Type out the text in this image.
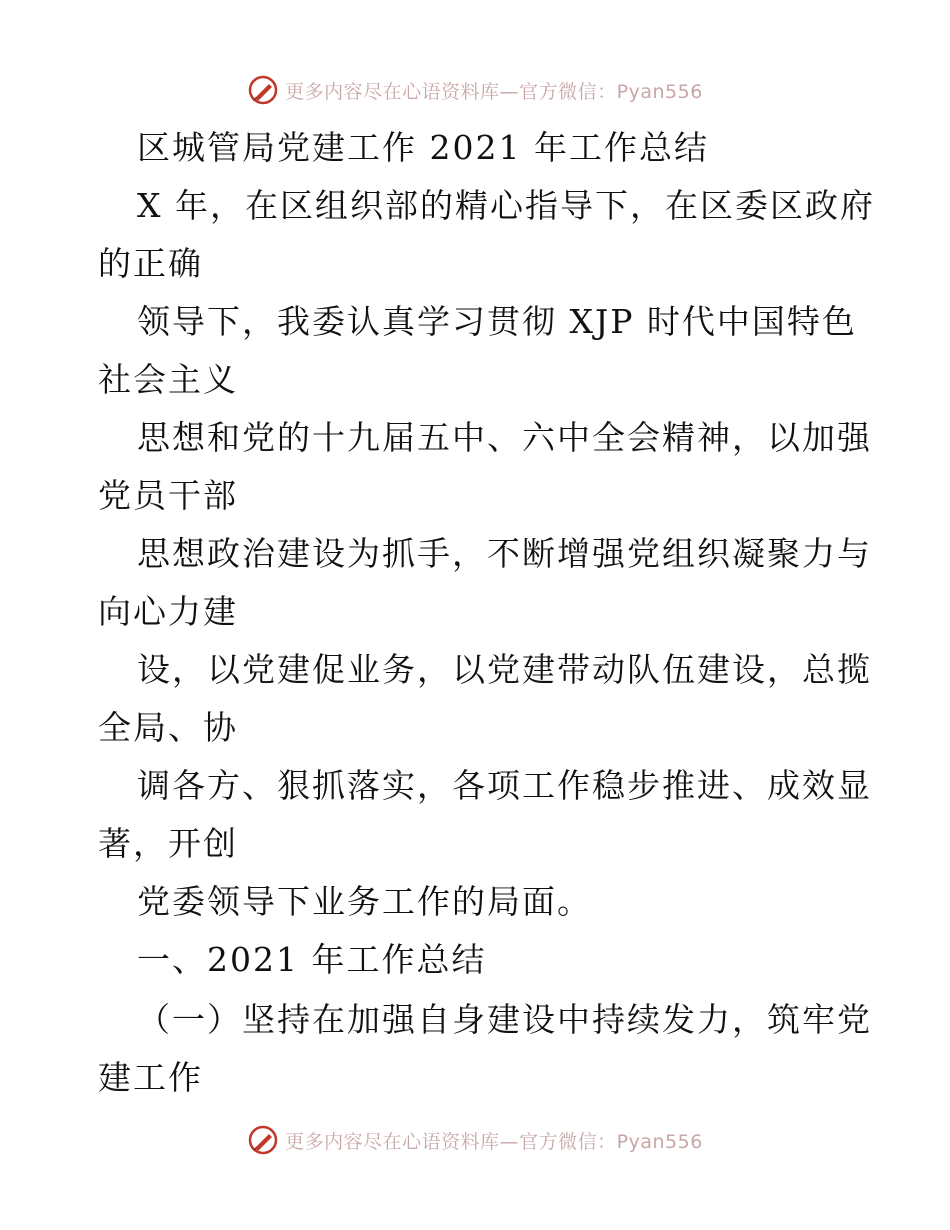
更多内容尽在心语资料库—官方微信：Pyan556
区城管局党建工作 2021 年工作总结
X 年，在区组织部的精心指导下，在区委区政府
的正确
领导下，我委认真学习贯彻 XJP 时代中国特色
社会主义
思想和党的十九届五中、六中全会精神，以加强
党员干部
思想政治建设为抓手，不断增强党组织凝聚力与
向心力建
设，以党建促业务，以党建带动队伍建设，总揽
全局、协
调各方、狠抓落实，各项工作稳步推进、成效显
著，开创
党委领导下业务工作的局面。
一、2021 年工作总结
（一）坚持在加强自身建设中持续发力，筑牢党
建工作
更多内容尽在心语资料库—官方微信：Pyan556
